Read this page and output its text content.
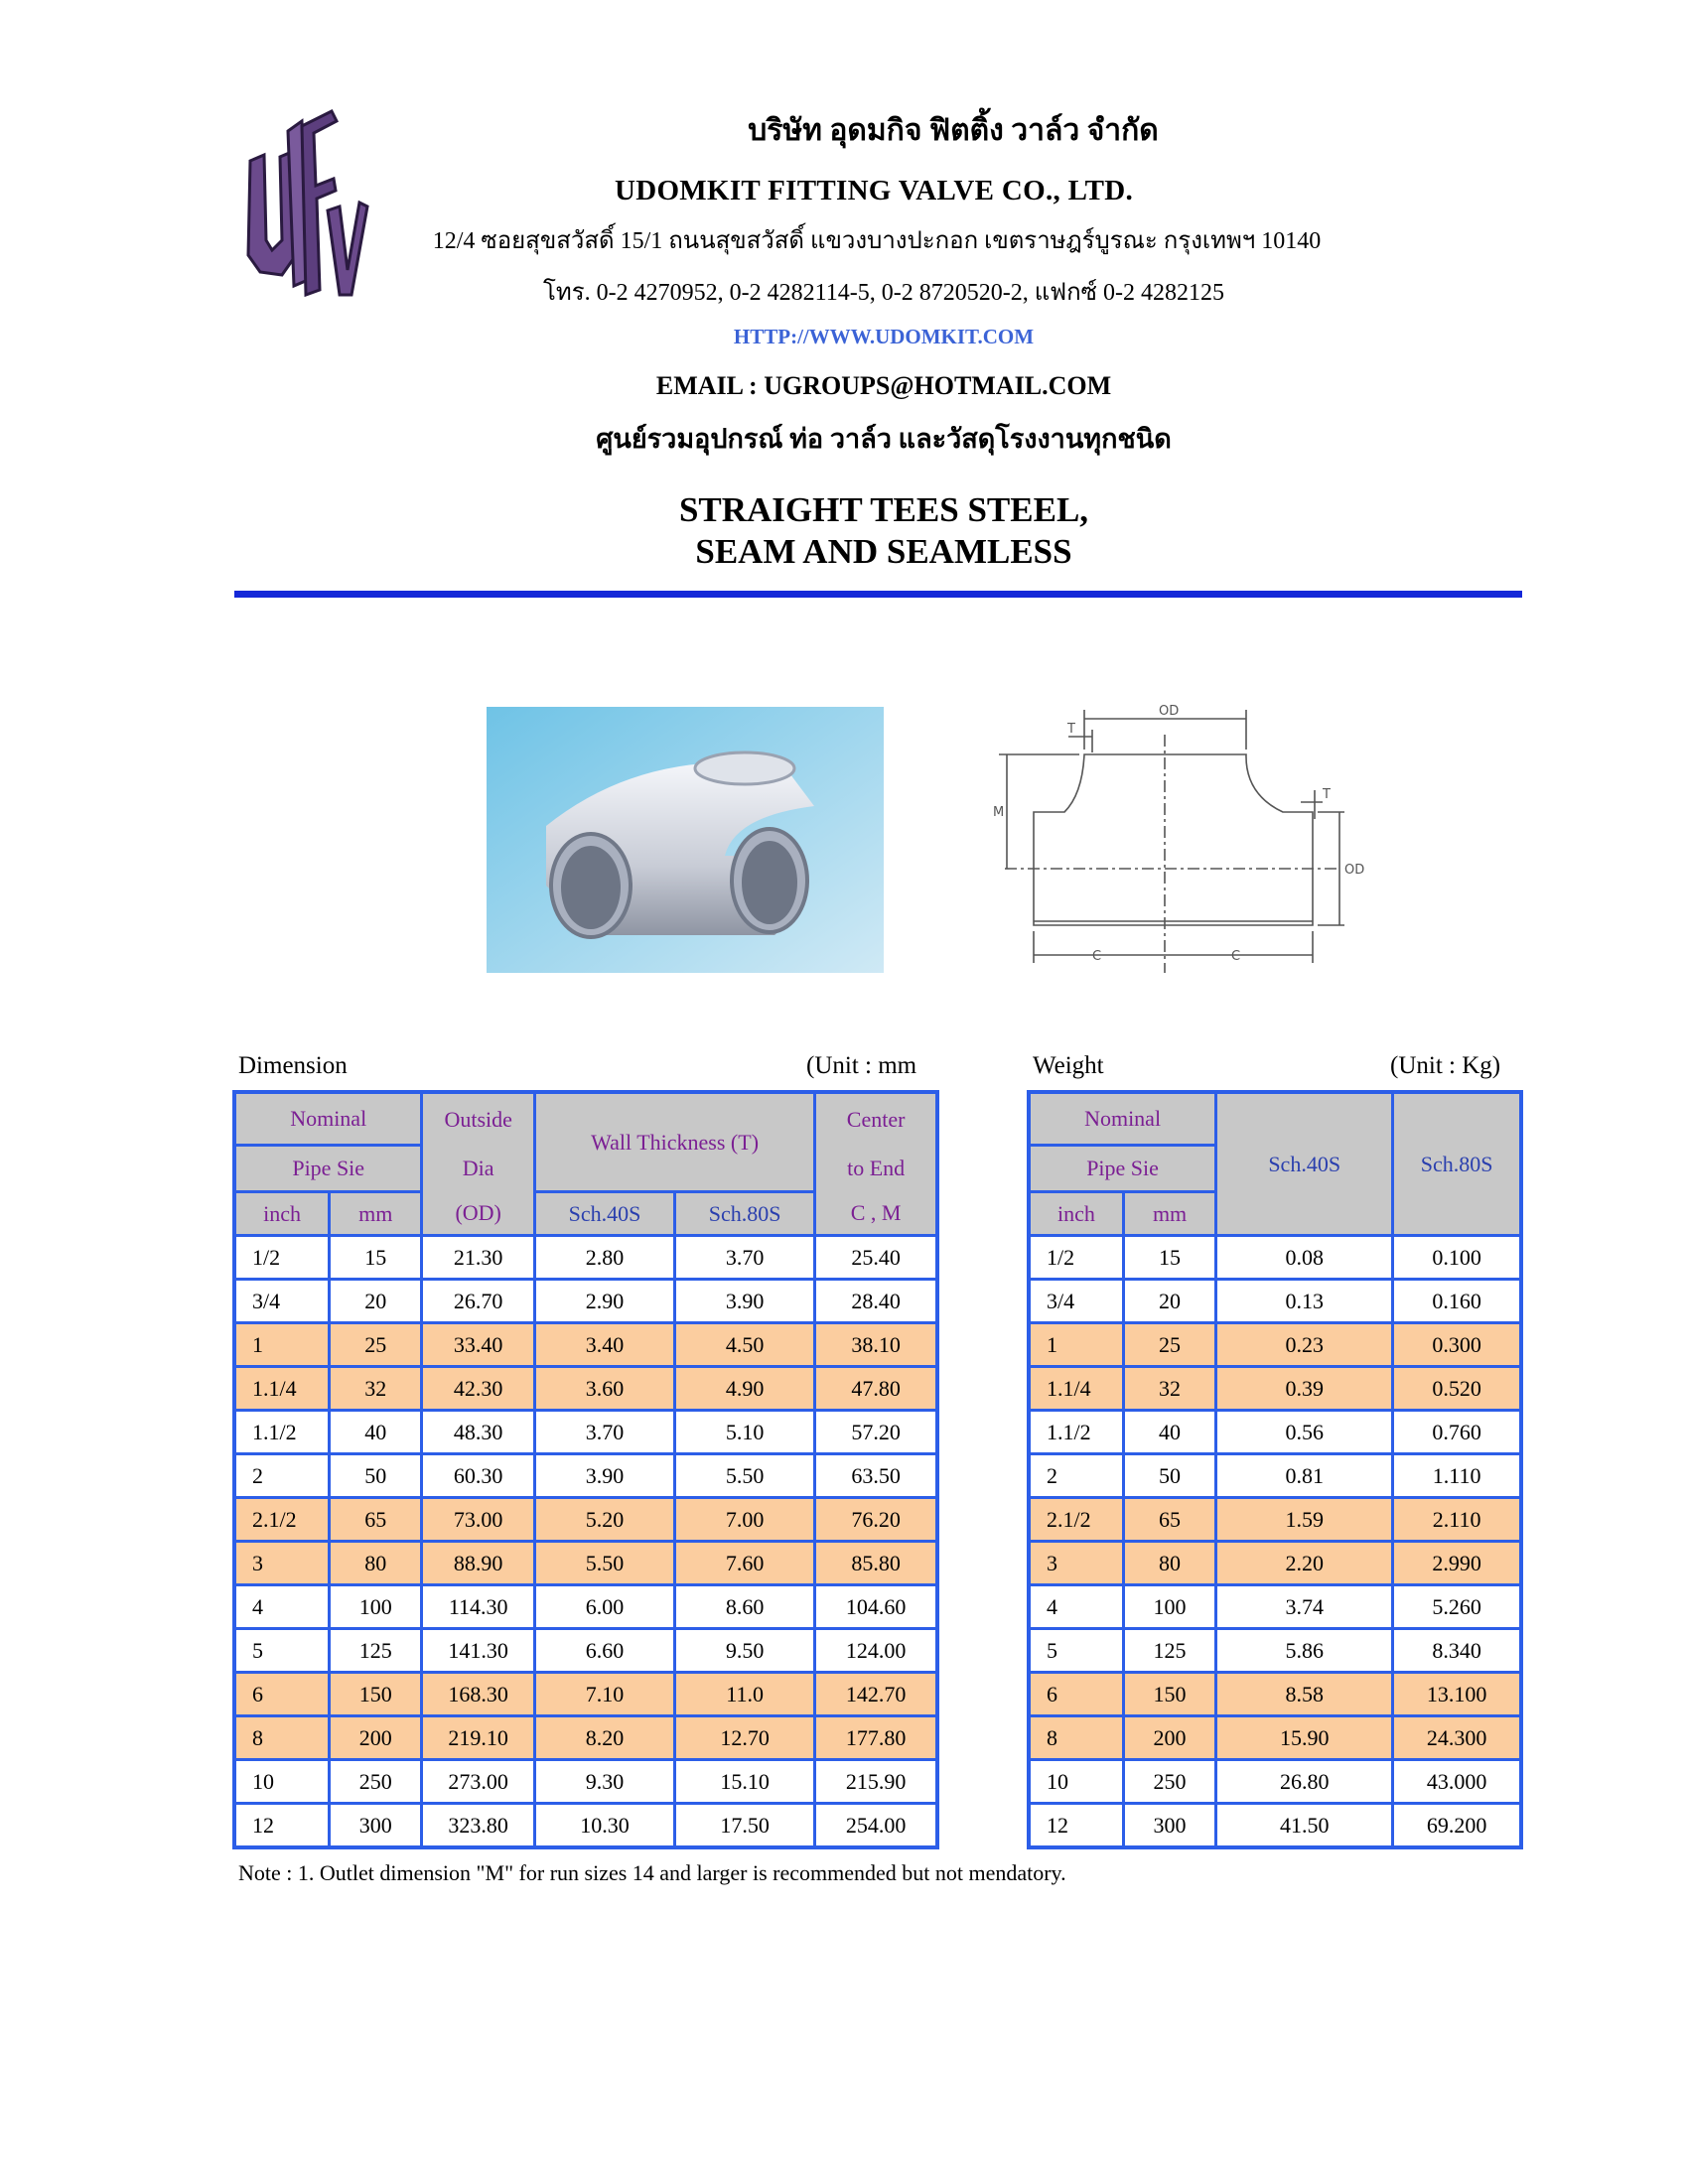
บริษัท อุดมกิจ ฟิตติ้ง วาล์ว จำกัด
UDOMKIT FITTING VALVE CO., LTD.
12/4 ซอยสุขสวัสดิ์ 15/1 ถนนสุขสวัสดิ์ แขวงบางปะกอก เขตราษฎร์บูรณะ กรุงเทพฯ 10140
โทร. 0-2 4270952, 0-2 4282114-5, 0-2 8720520-2, แฟกซ์ 0-2 4282125
HTTP://WWW.UDOMKIT.COM
EMAIL : UGROUPS@HOTMAIL.COM
ศูนย์รวมอุปกรณ์ ท่อ วาล์ว และวัสดุโรงงานทุกชนิด
STRAIGHT TEES STEEL,
SEAM AND SEAMLESS
OD
T
M
T
OD
C	C
Dimension	(Unit : mm	Weight	(Unit : Kg)
Nominal		Outside	Wall Thickness (T)		Center
Pipe Sie		Dia			to End
inch	mm	(OD)	Sch.40S	Sch.80S	C , M
1/2	15	21.30	2.80	3.70	25.40
3/4	20	26.70	2.90	3.90	28.40
1	25	33.40	3.40	4.50	38.10
1.1/4	32	42.30	3.60	4.90	47.80
1.1/2	40	48.30	3.70	5.10	57.20
2	50	60.30	3.90	5.50	63.50
2.1/2	65	73.00	5.20	7.00	76.20
3	80	88.90	5.50	7.60	85.80
4	100	114.30	6.00	8.60	104.60
5	125	141.30	6.60	9.50	124.00
6	150	168.30	7.10	11.0	142.70
8	200	219.10	8.20	12.70	177.80
10	250	273.00	9.30	15.10	215.90
12	300	323.80	10.30	17.50	254.00
Nominal		Sch.40S	Sch.80S
Pipe Sie			
inch	mm		
1/2	15	0.08	0.100
3/4	20	0.13	0.160
1	25	0.23	0.300
1.1/4	32	0.39	0.520
1.1/2	40	0.56	0.760
2	50	0.81	1.110
2.1/2	65	1.59	2.110
3	80	2.20	2.990
4	100	3.74	5.260
5	125	5.86	8.340
6	150	8.58	13.100
8	200	15.90	24.300
10	250	26.80	43.000
12	300	41.50	69.200
Note : 1. Outlet dimension "M" for run sizes 14 and larger is recommended but not mendatory.
